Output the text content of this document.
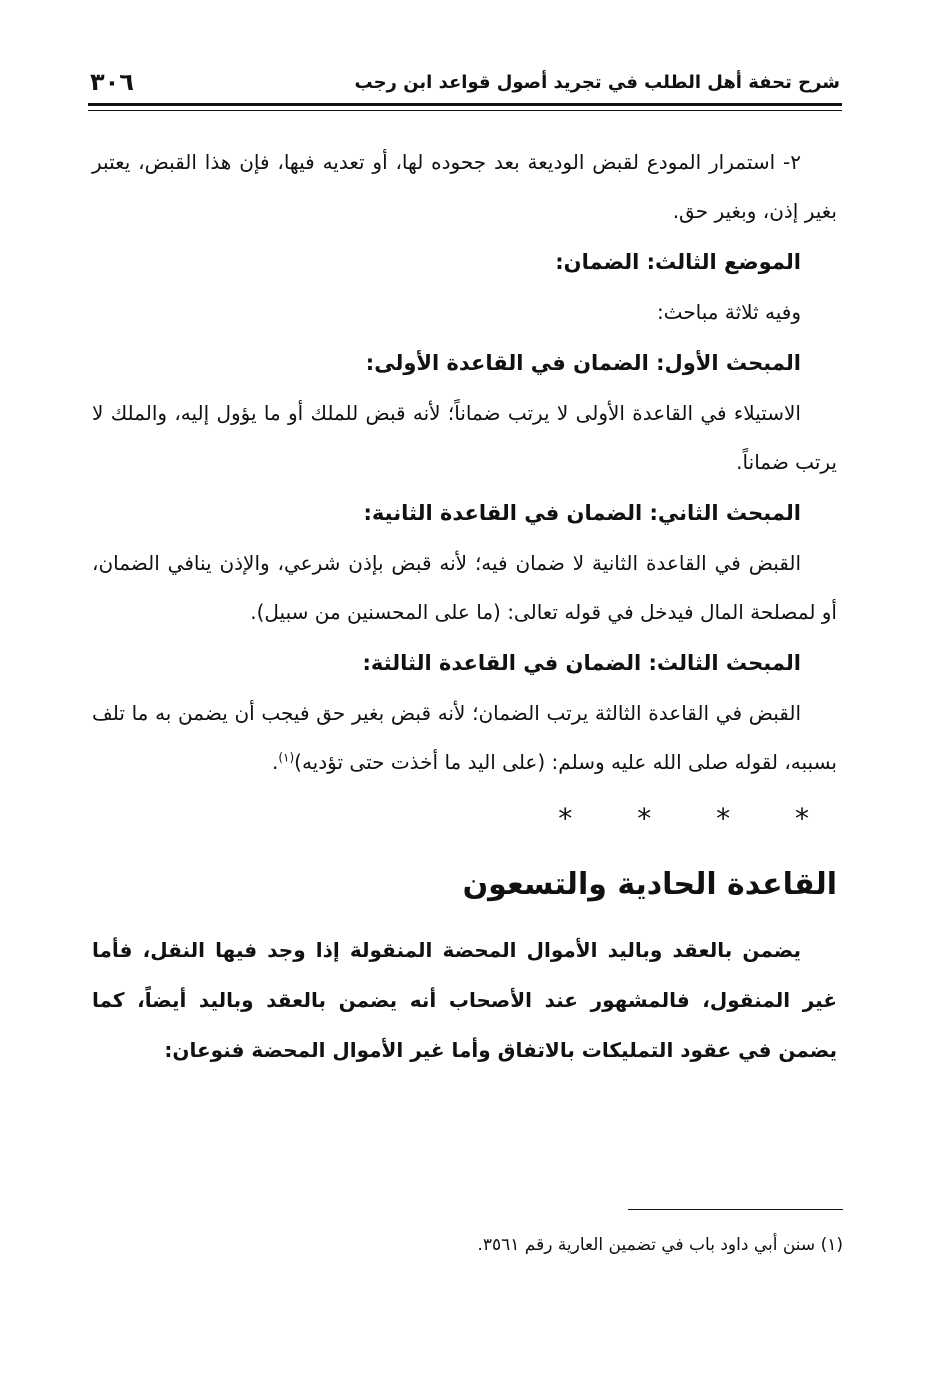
٣٠٦	شرح تحفة أهل الطلب في تجريد أصول قواعد ابن رجب

٢- استمرار المودع لقبض الوديعة بعد جحوده لها، أو تعديه فيها، فإن هذا القبض، يعتبر بغير إذن، وبغير حق.

الموضع الثالث: الضمان:

وفيه ثلاثة مباحث:

المبحث الأول: الضمان في القاعدة الأولى:

الاستيلاء في القاعدة الأولى لا يرتب ضماناً؛ لأنه قبض للملك أو ما يؤول إليه، والملك لا يرتب ضماناً.

المبحث الثاني: الضمان في القاعدة الثانية:

القبض في القاعدة الثانية لا ضمان فيه؛ لأنه قبض بإذن شرعي، والإذن ينافي الضمان، أو لمصلحة المال فيدخل في قوله تعالى: (ما على المحسنين من سبيل).

المبحث الثالث: الضمان في القاعدة الثالثة:

القبض في القاعدة الثالثة يرتب الضمان؛ لأنه قبض بغير حق فيجب أن يضمن به ما تلف بسببه، لقوله صلى الله عليه وسلم: (على اليد ما أخذت حتى تؤديه)$^{(١)}$.

* * * *
القاعدة الحادية والتسعون

يضمن بالعقد وباليد الأموال المحضة المنقولة إذا وجد فيها النقل، فأما غير المنقول، فالمشهور عند الأصحاب أنه يضمن بالعقد وباليد أيضاً، كما يضمن في عقود التمليكات بالاتفاق وأما غير الأموال المحضة فنوعان:

(١) سنن أبي داود باب في تضمين العارية رقم ٣٥٦١.
